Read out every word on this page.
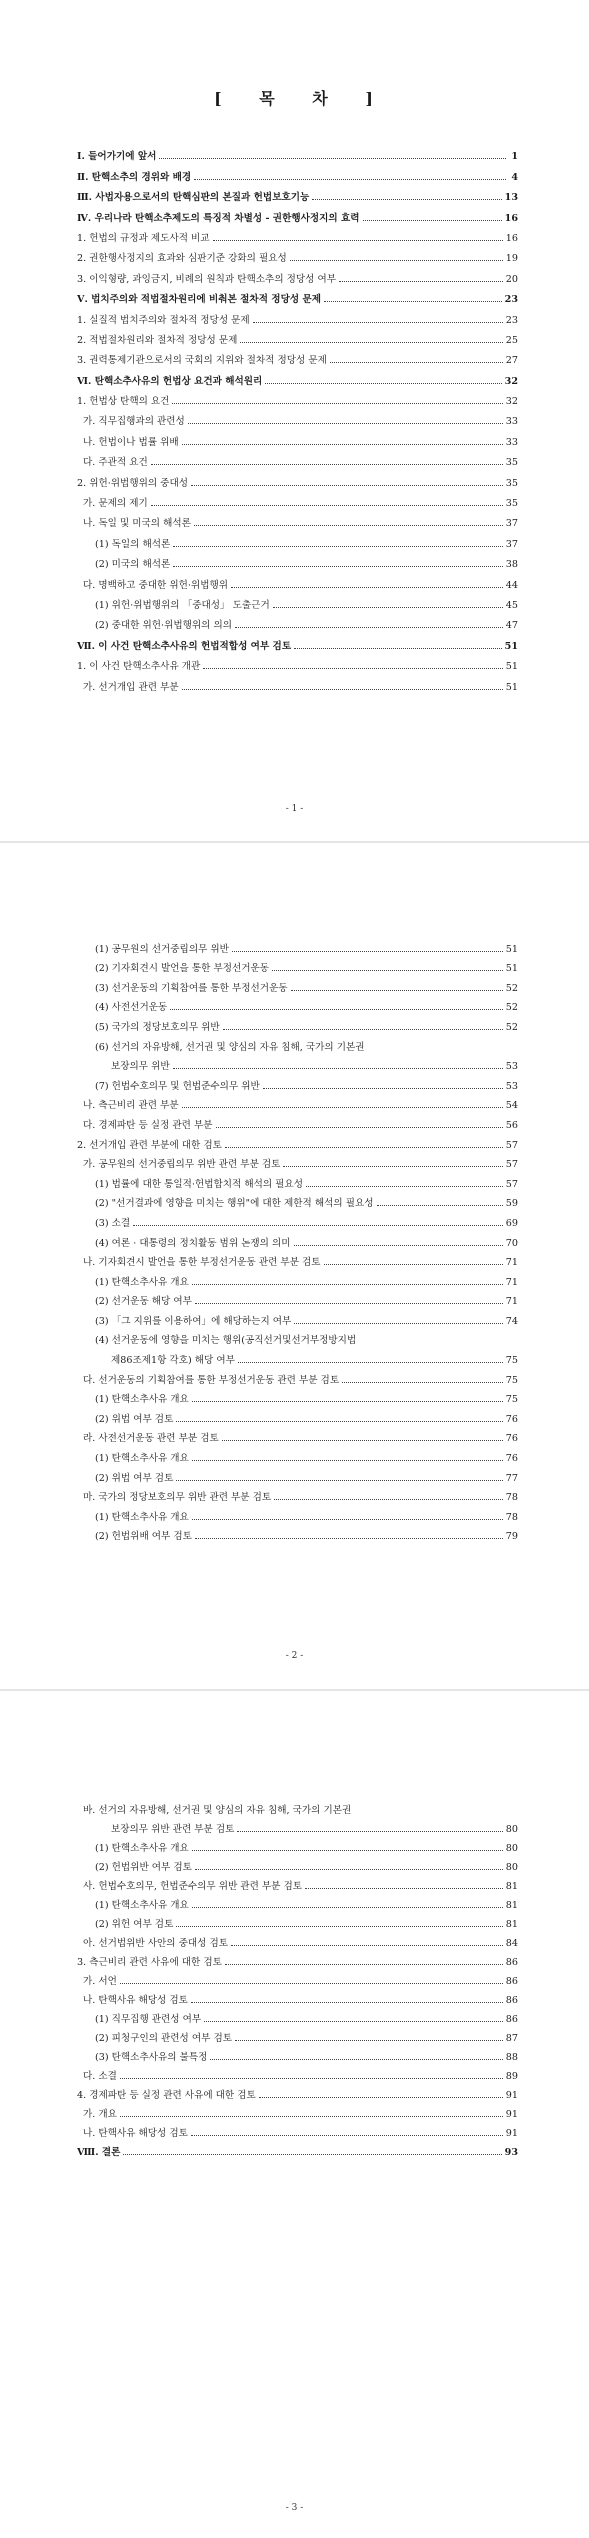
[ 목 차 ]
Ⅰ. 들어가기에 앞서	1
Ⅱ. 탄핵소추의 경위와 배경	4
Ⅲ. 사법자용으로서의 탄핵심판의 본질과 헌법보호기능	13
Ⅳ. 우리나라 탄핵소추제도의 특징적 차별성 - 권한행사정지의 효력	16
1. 헌법의 규정과 제도사적 비교	16
2. 권한행사정지의 효과와 심판기준 강화의 필요성	19
3. 이익형량, 과잉금지, 비례의 원칙과 탄핵소추의 정당성 여부	20
Ⅴ. 법치주의와 적법절차원리에 비춰본 절차적 정당성 문제	23
1. 실질적 법치주의와 절차적 정당성 문제	23
2. 적법절차원리와 절차적 정당성 문제	25
3. 권력통제기관으로서의 국회의 지위와 절차적 정당성 문제	27
Ⅵ. 탄핵소추사유의 헌법상 요건과 해석원리	32
1. 헌법상 탄핵의 요건	32
가. 직무집행과의 관련성	33
나. 헌법이나 법률 위배	33
다. 주관적 요건	35
2. 위헌·위법행위의 중대성	35
가. 문제의 제기	35
나. 독일 및 미국의 해석론	37
(1) 독일의 해석론	37
(2) 미국의 해석론	38
다. 명백하고 중대한 위헌·위법행위	44
(1) 위헌·위법행위의 「중대성」 도출근거	45
(2) 중대한 위헌·위법행위의 의의	47
Ⅶ. 이 사건 탄핵소추사유의 헌법적합성 여부 검토	51
1. 이 사건 탄핵소추사유 개관	51
가. 선거개입 관련 부분	51
- 1 -
(1) 공무원의 선거중립의무 위반	51
(2) 기자회견시 발언을 통한 부정선거운동	51
(3) 선거운동의 기획참여를 통한 부정선거운동	52
(4) 사전선거운동	52
(5) 국가의 정당보호의무 위반	52
(6) 선거의 자유방해, 선거권 및 양심의 자유 침해, 국가의 기본권
보장의무 위반	53
(7) 헌법수호의무 및 헌법준수의무 위반	53
나. 측근비리 관련 부분	54
다. 경제파탄 등 실정 관련 부분	56
2. 선거개입 관련 부분에 대한 검토	57
가. 공무원의 선거중립의무 위반 관련 부분 검토	57
(1) 법률에 대한 통일적·헌법합치적 해석의 필요성	57
(2) "선거결과에 영향을 미치는 행위"에 대한 제한적 해석의 필요성	59
(3) 소결	69
(4) 여론 · 대통령의 정치활동 범위 논쟁의 의미	70
나. 기자회견시 발언을 통한 부정선거운동 관련 부분 검토	71
(1) 탄핵소추사유 개요	71
(2) 선거운동 해당 여부	71
(3) 「그 지위를 이용하여」에 해당하는지 여부	74
(4) 선거운동에 영향을 미치는 행위(공직선거및선거부정방지법
제86조제1항 각호) 해당 여부	75
다. 선거운동의 기획참여를 통한 부정선거운동 관련 부분 검토	75
(1) 탄핵소추사유 개요	75
(2) 위법 여부 검토	76
라. 사전선거운동 관련 부분 검토	76
(1) 탄핵소추사유 개요	76
(2) 위법 여부 검토	77
마. 국가의 정당보호의무 위반 관련 부분 검토	78
(1) 탄핵소추사유 개요	78
(2) 헌법위배 여부 검토	79
- 2 -
바. 선거의 자유방해, 선거권 및 양심의 자유 침해, 국가의 기본권
보장의무 위반 관련 부분 검토	80
(1) 탄핵소추사유 개요	80
(2) 헌법위반 여부 검토	80
사. 헌법수호의무, 헌법준수의무 위반 관련 부분 검토	81
(1) 탄핵소추사유 개요	81
(2) 위헌 여부 검토	81
아. 선거법위반 사안의 중대성 검토	84
3. 측근비리 관련 사유에 대한 검토	86
가. 서언	86
나. 탄핵사유 해당성 검토	86
(1) 직무집행 관련성 여부	86
(2) 피청구인의 관련성 여부 검토	87
(3) 탄핵소추사유의 불특정	88
다. 소결	89
4. 경제파탄 등 실정 관련 사유에 대한 검토	91
가. 개요	91
나. 탄핵사유 해당성 검토	91
Ⅷ. 결론	93
- 3 -
